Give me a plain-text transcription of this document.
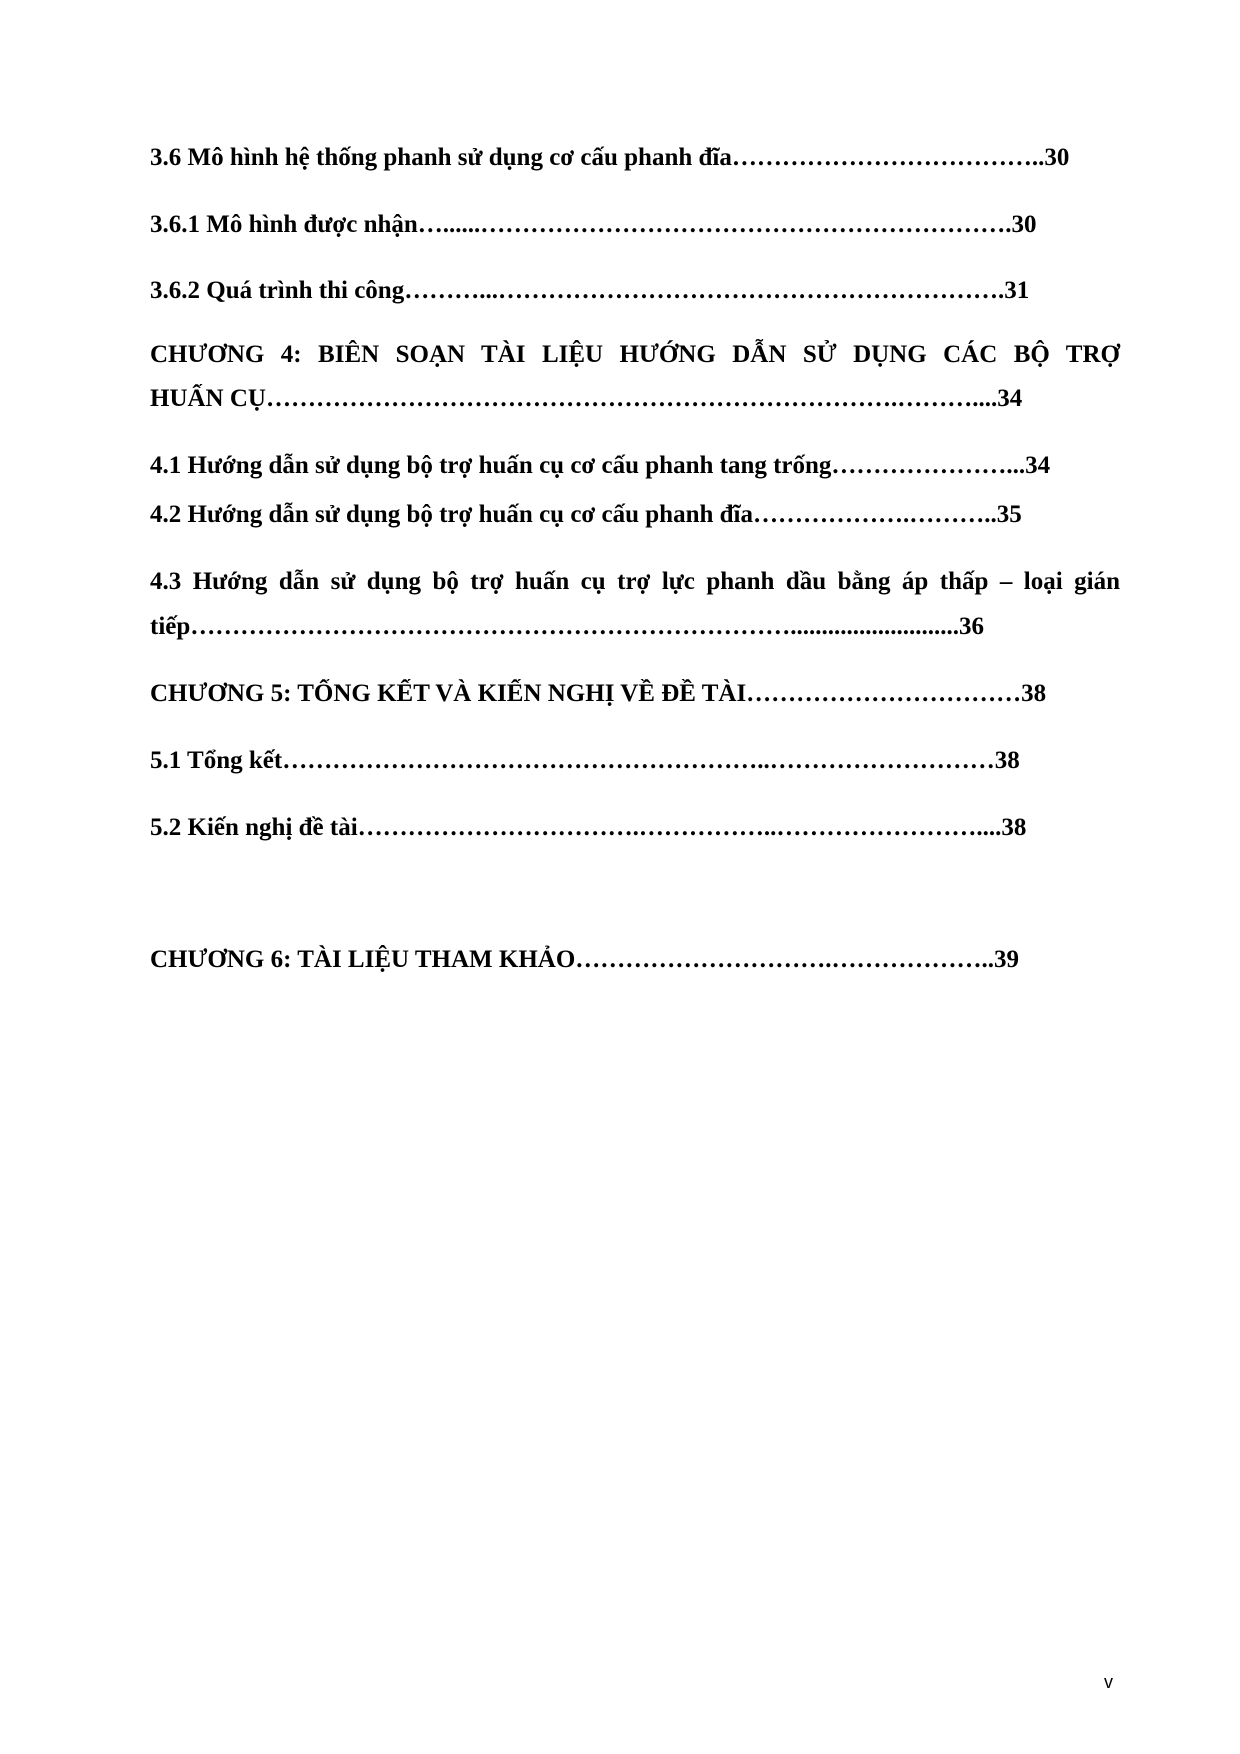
3.6 Mô hình hệ thống phanh sử dụng cơ cấu phanh đĩa………………………………..30
3.6.1 Mô hình được nhận…......……………………………………………………….30
3.6.2 Quá trình thi công………...…………………………………………………….31
CHƯƠNG 4: BIÊN SOẠN TÀI LIỆU HƯỚNG DẪN SỬ DỤNG CÁC BỘ TRỢ
HUẤN CỤ………………………………………………………………….………....34
4.1 Hướng dẫn sử dụng bộ trợ huấn cụ cơ cấu phanh tang trống…………………...34
4.2 Hướng dẫn sử dụng bộ trợ huấn cụ cơ cấu phanh đĩa……………….………..35
4.3 Hướng dẫn sử dụng bộ trợ huấn cụ trợ lực phanh dầu bằng áp thấp – loại gián
tiếp………………………………………………………………...........................36
CHƯƠNG 5: TỔNG KẾT VÀ KIẾN NGHỊ VỀ ĐỀ TÀI……………………………38
5.1 Tổng kết…………………………………………………..………………………38
5.2 Kiến nghị đề tài…………………………….……………..……………………....38
CHƯƠNG 6: TÀI LIỆU THAM KHẢO………………………….………………..39
v
